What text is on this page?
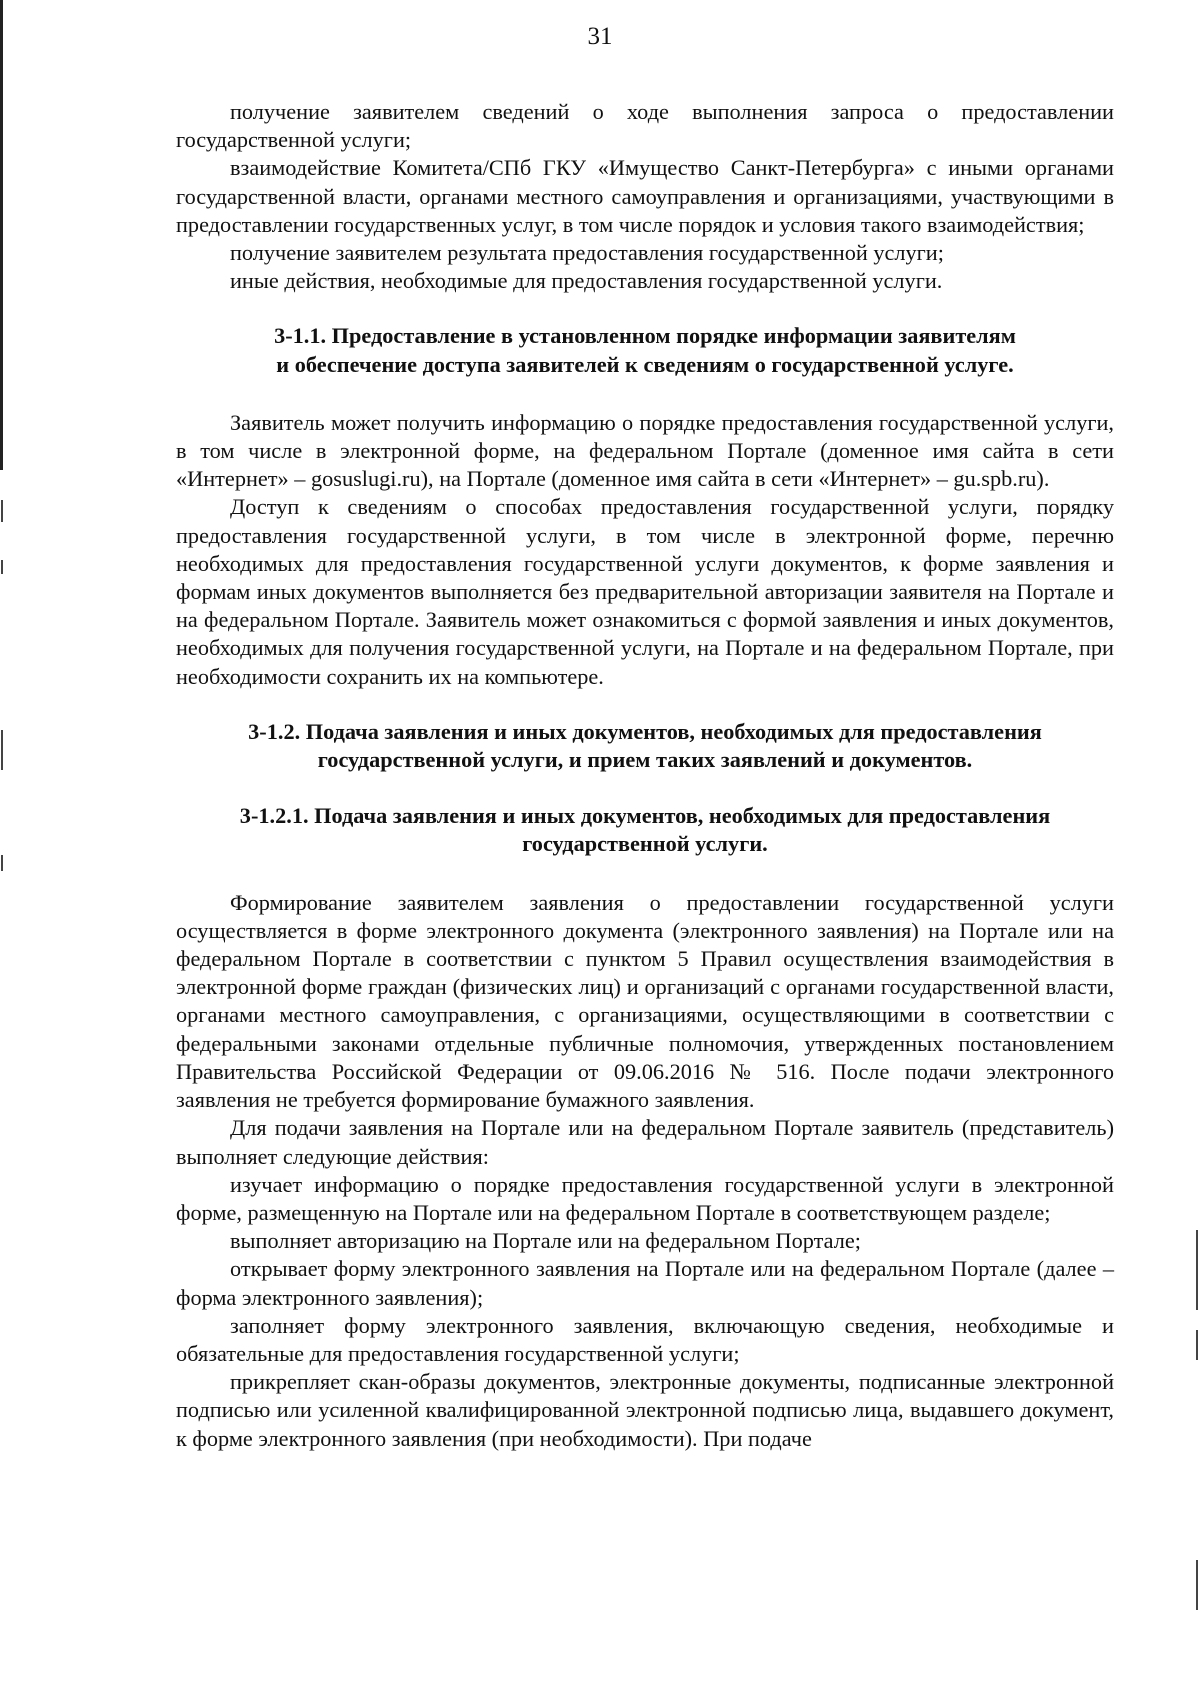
31

получение заявителем сведений о ходе выполнения запроса о предоставлении государственной услуги;

взаимодействие Комитета/СПб ГКУ «Имущество Санкт-Петербурга» с иными органами государственной власти, органами местного самоуправления и организациями, участвующими в предоставлении государственных услуг, в том числе порядок и условия такого взаимодействия;

получение заявителем результата предоставления государственной услуги;

иные действия, необходимые для предоставления государственной услуги.

3-1.1. Предоставление в установленном порядке информации заявителям
и обеспечение доступа заявителей к сведениям о государственной услуге.

Заявитель может получить информацию о порядке предоставления государственной услуги, в том числе в электронной форме, на федеральном Портале (доменное имя сайта в сети «Интернет» – gosuslugi.ru), на Портале (доменное имя сайта в сети «Интернет» – gu.spb.ru).

Доступ к сведениям о способах предоставления государственной услуги, порядку предоставления государственной услуги, в том числе в электронной форме, перечню необходимых для предоставления государственной услуги документов, к форме заявления и формам иных документов выполняется без предварительной авторизации заявителя на Портале и на федеральном Портале. Заявитель может ознакомиться с формой заявления и иных документов, необходимых для получения государственной услуги, на Портале и на федеральном Портале, при необходимости сохранить их на компьютере.

3-1.2. Подача заявления и иных документов, необходимых для предоставления
государственной услуги, и прием таких заявлений и документов.
3-1.2.1. Подача заявления и иных документов, необходимых для предоставления
государственной услуги.

Формирование заявителем заявления о предоставлении государственной услуги осуществляется в форме электронного документа (электронного заявления) на Портале или на федеральном Портале в соответствии с пунктом 5 Правил осуществления взаимодействия в электронной форме граждан (физических лиц) и организаций с органами государственной власти, органами местного самоуправления, с организациями, осуществляющими в соответствии с федеральными законами отдельные публичные полномочия, утвержденных постановлением Правительства Российской Федерации от 09.06.2016 № 516. После подачи электронного заявления не требуется формирование бумажного заявления.

Для подачи заявления на Портале или на федеральном Портале заявитель (представитель) выполняет следующие действия:

изучает информацию о порядке предоставления государственной услуги в электронной форме, размещенную на Портале или на федеральном Портале в соответствующем разделе;

выполняет авторизацию на Портале или на федеральном Портале;

открывает форму электронного заявления на Портале или на федеральном Портале (далее – форма электронного заявления);

заполняет форму электронного заявления, включающую сведения, необходимые и обязательные для предоставления государственной услуги;

прикрепляет скан-образы документов, электронные документы, подписанные электронной подписью или усиленной квалифицированной электронной подписью лица, выдавшего документ, к форме электронного заявления (при необходимости). При подаче
